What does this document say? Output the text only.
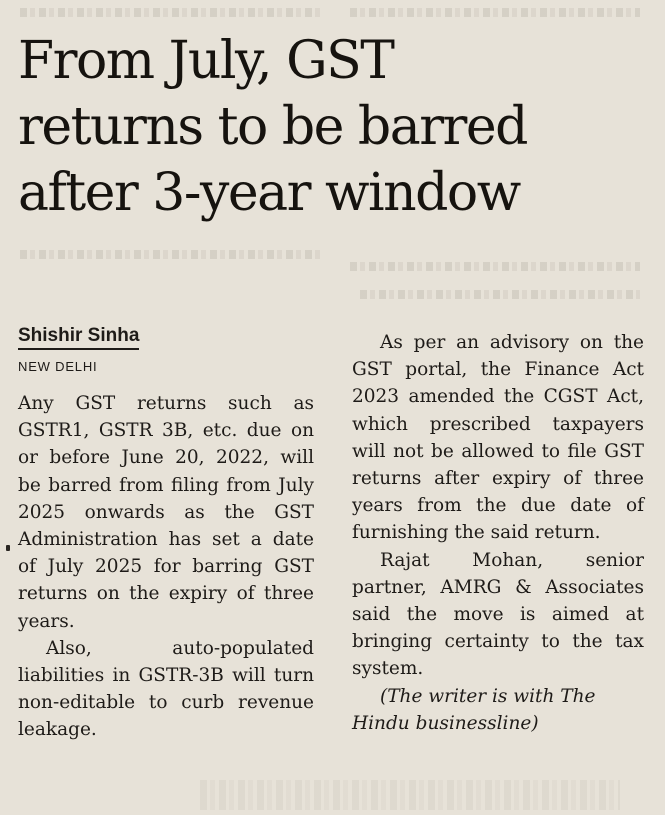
From July, GST
returns to be barred
after 3-year window
Shishir Sinha
NEW DELHI

Any GST returns such as GSTR1, GSTR 3B, etc. due on or before June 20, 2022, will be barred from filing from July 2025 onwards as the GST Administration has set a date of July 2025 for barring GST returns on the expiry of three years.

Also, auto-populated liabilities in GSTR-3B will turn non-editable to curb revenue leakage.

As per an advisory on the GST portal, the Finance Act 2023 amended the CGST Act, which prescribed taxpayers will not be allowed to file GST returns after expiry of three years from the due date of furnishing the said return.

Rajat Mohan, senior partner, AMRG & Associates said the move is aimed at bringing certainty to the tax system.

(The writer is with The Hindu businessline)
